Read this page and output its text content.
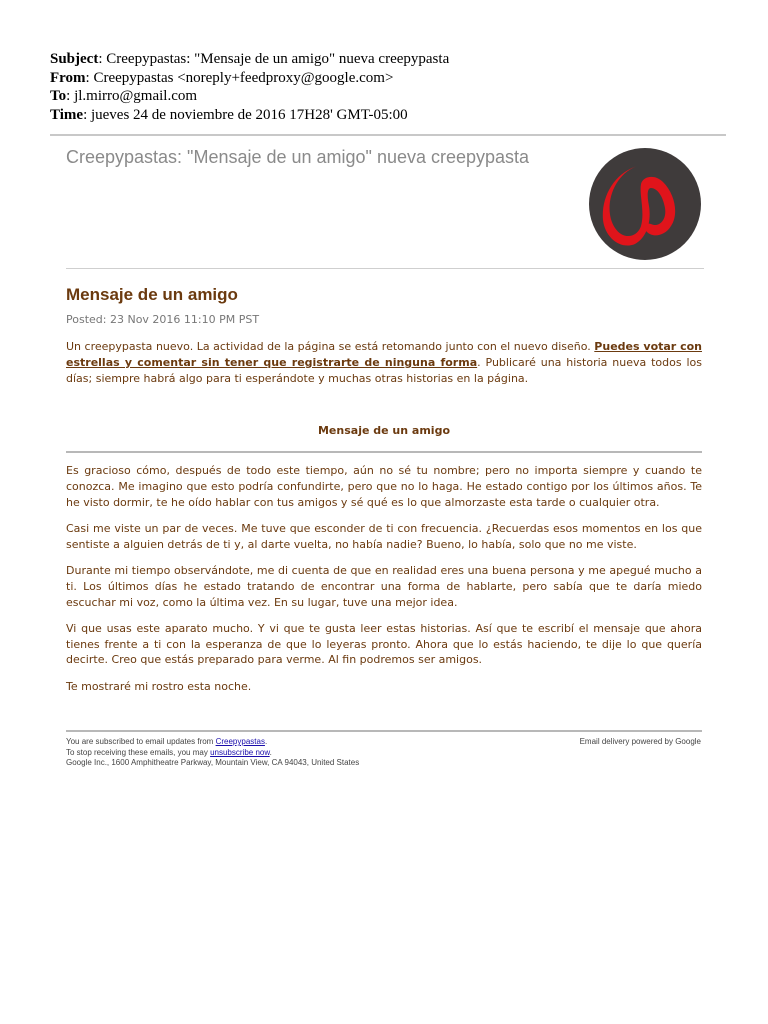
Subject: Creepypastas: "Mensaje de un amigo" nueva creepypasta
From: Creepypastas <noreply+feedproxy@google.com>
To: jl.mirro@gmail.com
Time: jueves 24 de noviembre de 2016 17H28' GMT-05:00
Creepypastas: "Mensaje de un amigo" nueva creepypasta
Mensaje de un amigo
Posted: 23 Nov 2016 11:10 PM PST

Un creepypasta nuevo. La actividad de la página se está retomando junto con el nuevo diseño. Puedes votar con estrellas y comentar sin tener que registrarte de ninguna forma. Publicaré una historia nueva todos los días; siempre habrá algo para ti esperándote y muchas otras historias en la página.

Mensaje de un amigo

Es gracioso cómo, después de todo este tiempo, aún no sé tu nombre; pero no importa siempre y cuando te conozca. Me imagino que esto podría confundirte, pero que no lo haga. He estado contigo por los últimos años. Te he visto dormir, te he oído hablar con tus amigos y sé qué es lo que almorzaste esta tarde o cualquier otra.

Casi me viste un par de veces. Me tuve que esconder de ti con frecuencia. ¿Recuerdas esos momentos en los que sentiste a alguien detrás de ti y, al darte vuelta, no había nadie? Bueno, lo había, solo que no me viste.

Durante mi tiempo observándote, me di cuenta de que en realidad eres una buena persona y me apegué mucho a ti. Los últimos días he estado tratando de encontrar una forma de hablarte, pero sabía que te daría miedo escuchar mi voz, como la última vez. En su lugar, tuve una mejor idea.

Vi que usas este aparato mucho. Y vi que te gusta leer estas historias. Así que te escribí el mensaje que ahora tienes frente a ti con la esperanza de que lo leyeras pronto. Ahora que lo estás haciendo, te dije lo que quería decirte. Creo que estás preparado para verme. Al fin podremos ser amigos.

Te mostraré mi rostro esta noche.

You are subscribed to email updates from Creepypastas.
To stop receiving these emails, you may unsubscribe now.
Google Inc., 1600 Amphitheatre Parkway, Mountain View, CA 94043, United States
Email delivery powered by Google
